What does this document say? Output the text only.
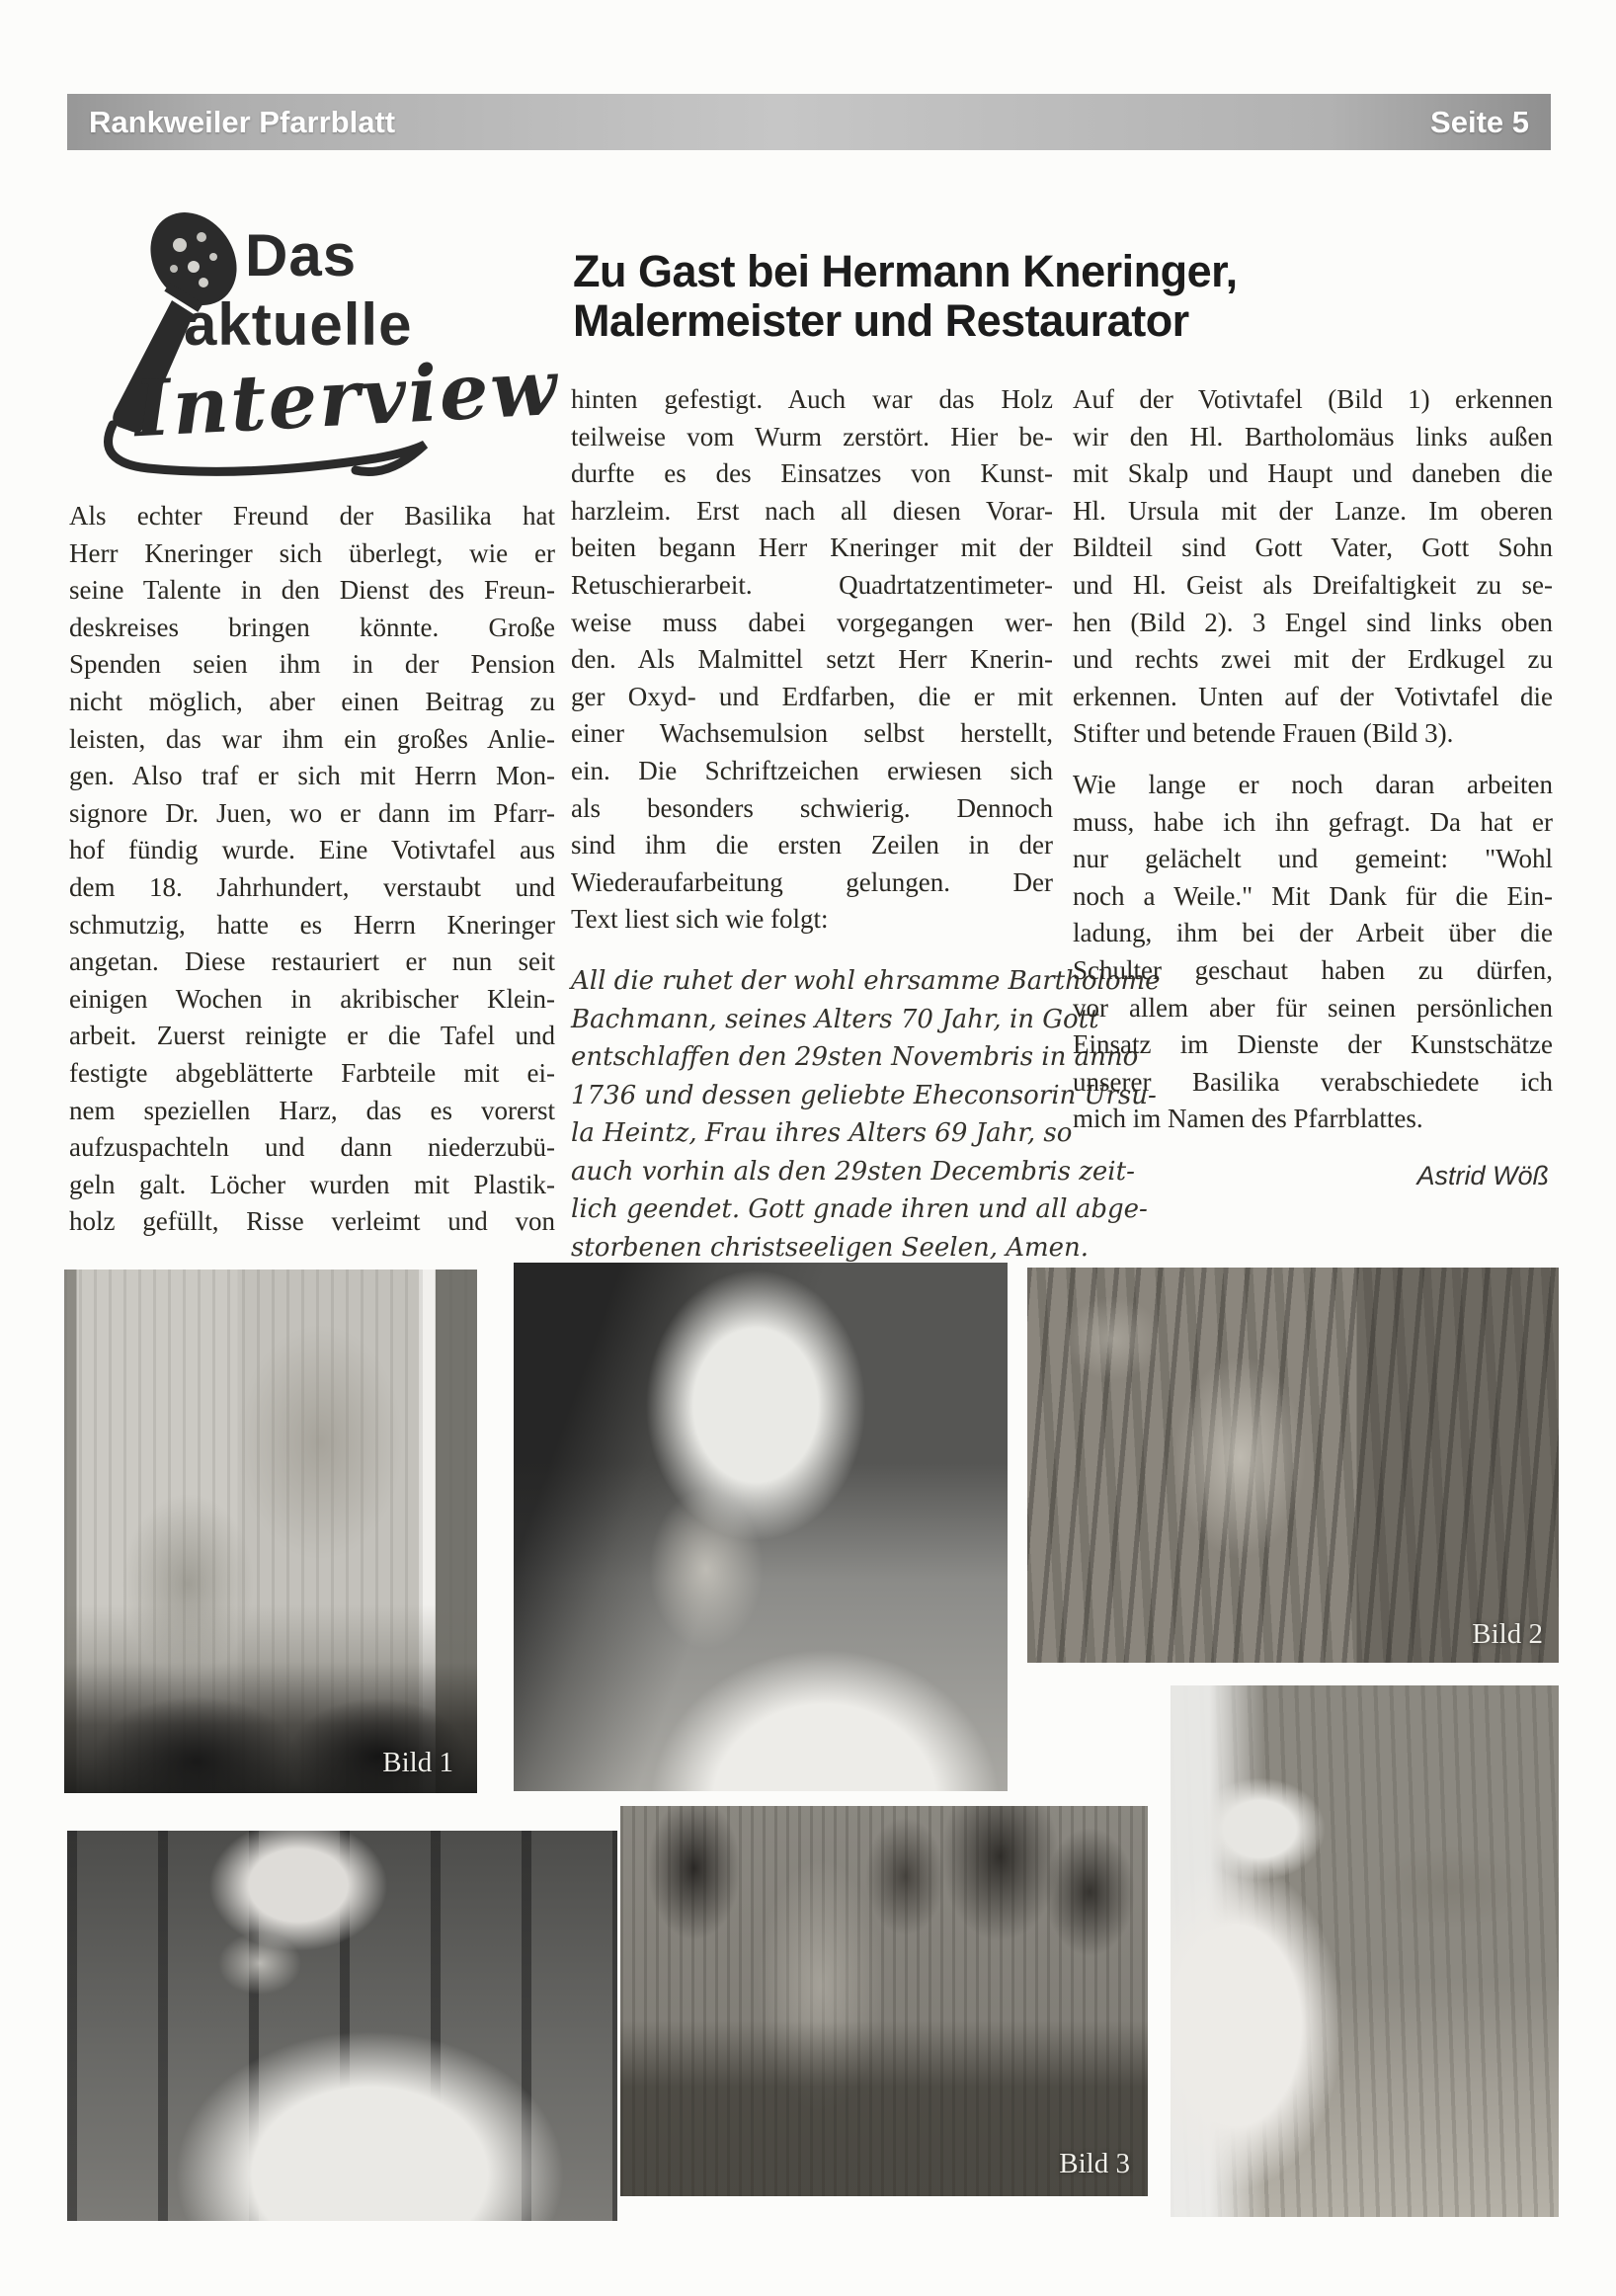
Rankweiler Pfarrblatt	Seite 5
Das
aktuelle
Interview
Zu Gast bei Hermann Kneringer,
Malermeister und Restaurator
Als echter Freund der Basilika hat
Herr Kneringer sich überlegt, wie er
seine Talente in den Dienst des Freun-
deskreises bringen könnte. Große
Spenden seien ihm in der Pension
nicht möglich, aber einen Beitrag zu
leisten, das war ihm ein großes Anlie-
gen. Also traf er sich mit Herrn Mon-
signore Dr. Juen, wo er dann im Pfarr-
hof fündig wurde. Eine Votivtafel aus
dem 18. Jahrhundert, verstaubt und
schmutzig, hatte es Herrn Kneringer
angetan. Diese restauriert er nun seit
einigen Wochen in akribischer Klein-
arbeit. Zuerst reinigte er die Tafel und
festigte abgeblätterte Farbteile mit ei-
nem speziellen Harz, das es vorerst
aufzuspachteln und dann niederzubü-
geln galt. Löcher wurden mit Plastik-
holz gefüllt, Risse verleimt und von
hinten gefestigt. Auch war das Holz
teilweise vom Wurm zerstört. Hier be-
durfte es des Einsatzes von Kunst-
harzleim. Erst nach all diesen Vorar-
beiten begann Herr Kneringer mit der
Retuschierarbeit. Quadrtatzentimeter-
weise muss dabei vorgegangen wer-
den. Als Malmittel setzt Herr Knerin-
ger Oxyd- und Erdfarben, die er mit
einer Wachsemulsion selbst herstellt,
ein. Die Schriftzeichen erwiesen sich
als besonders schwierig. Dennoch
sind ihm die ersten Zeilen in der
Wiederaufarbeitung gelungen. Der
Text liest sich wie folgt:
All die ruhet der wohl ehrsamme Bartholome
Bachmann, seines Alters 70 Jahr, in Gott
entschlaffen den 29sten Novembris in anno
1736 und dessen geliebte Eheconsorin Ursu-
la Heintz, Frau ihres Alters 69 Jahr, so
auch vorhin als den 29sten Decembris zeit-
lich geendet. Gott gnade ihren und all abge-
storbenen christseeligen Seelen, Amen.
Auf der Votivtafel (Bild 1) erkennen
wir den Hl. Bartholomäus links außen
mit Skalp und Haupt und daneben die
Hl. Ursula mit der Lanze. Im oberen
Bildteil sind Gott Vater, Gott Sohn
und Hl. Geist als Dreifaltigkeit zu se-
hen (Bild 2). 3 Engel sind links oben
und rechts zwei mit der Erdkugel zu
erkennen. Unten auf der Votivtafel die
Stifter und betende Frauen (Bild 3).
Wie lange er noch daran arbeiten
muss, habe ich ihn gefragt. Da hat er
nur gelächelt und gemeint: "Wohl
noch a Weile." Mit Dank für die Ein-
ladung, ihm bei der Arbeit über die
Schulter geschaut haben zu dürfen,
vor allem aber für seinen persönlichen
Einsatz im Dienste der Kunstschätze
unserer Basilika verabschiedete ich
mich im Namen des Pfarrblattes.
Astrid Wöß
Bild 1
Bild 2
Bild 3
